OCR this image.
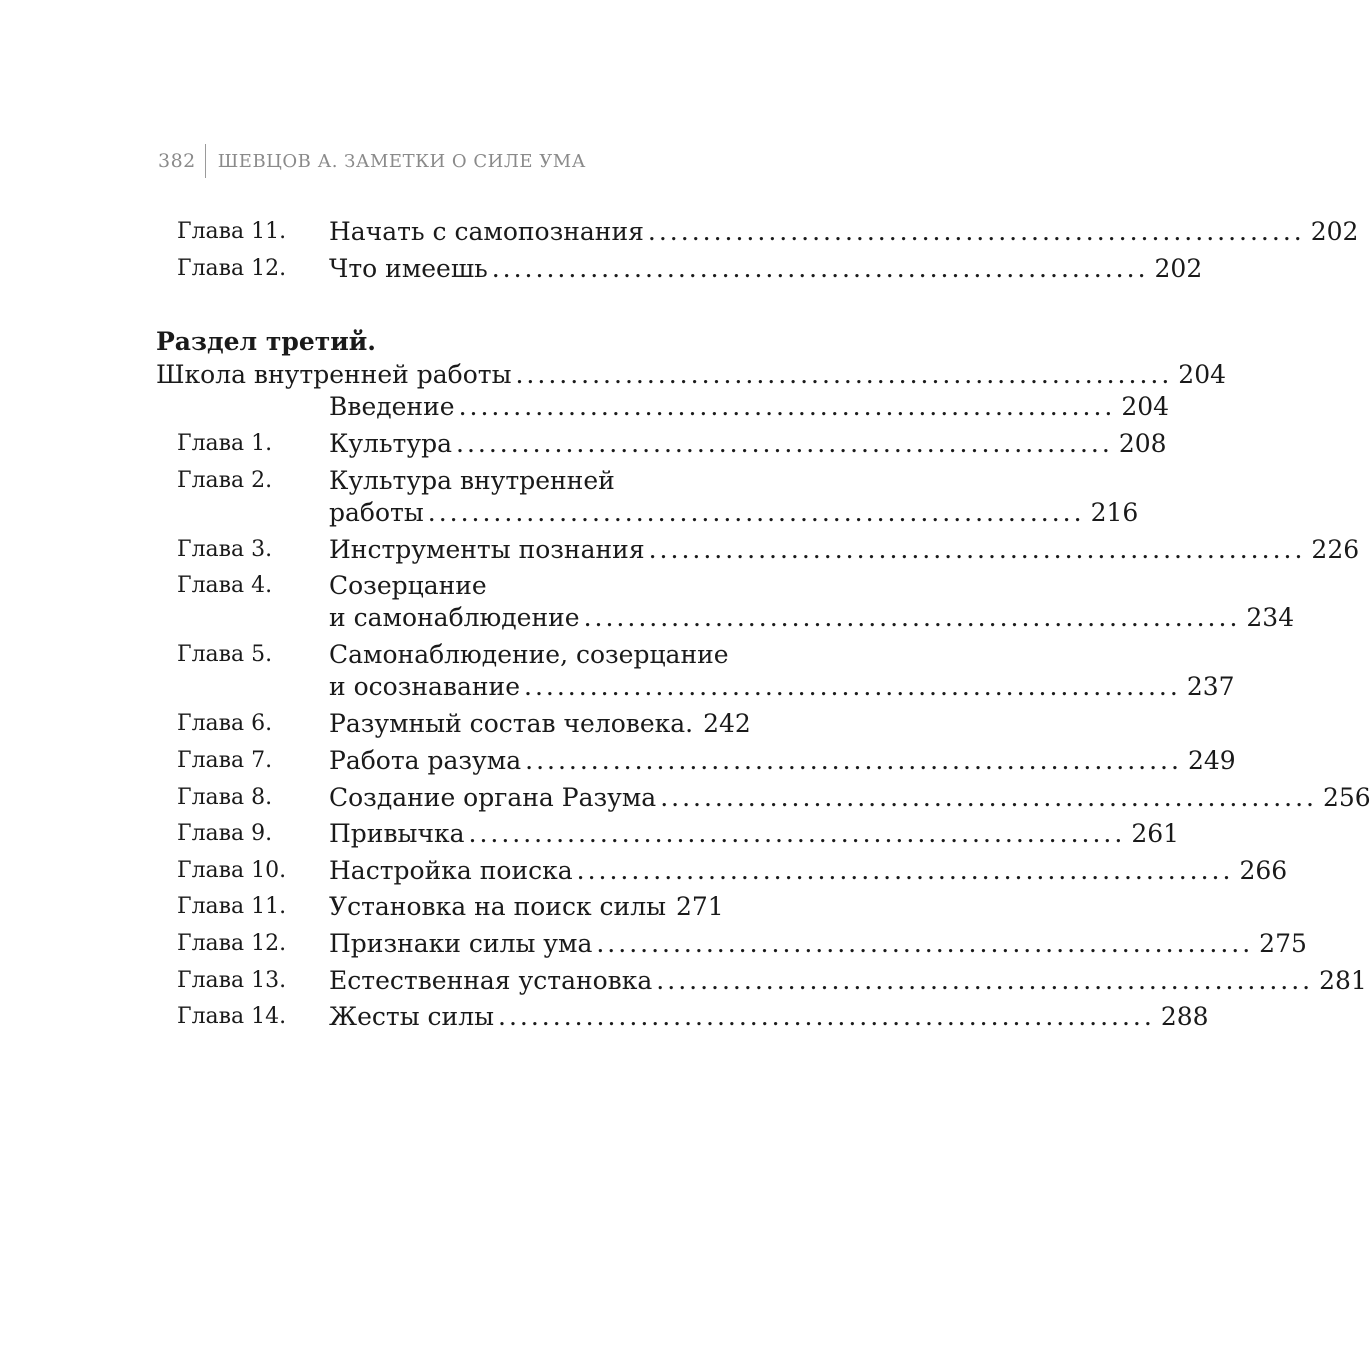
382 ШЕВЦОВ А. ЗАМЕТКИ О СИЛЕ УМА
Глава 11. Начать с самопознания ............................................................ 202
Глава 12. Что имеешь ............................................................ 202
Раздел третий.
Школа внутренней работы ............................................................ 204
Введение ............................................................ 204
Глава 1. Культура ............................................................ 208
Глава 2. Культура внутренней
работы ............................................................ 216
Глава 3. Инструменты познания ............................................................ 226
Глава 4. Созерцание
и самонаблюдение ............................................................ 234
Глава 5. Самонаблюдение, созерцание
и осознавание ............................................................ 237
Глава 6. Разумный состав человека. 242
Глава 7. Работа разума ............................................................ 249
Глава 8. Создание органа Разума ............................................................ 256
Глава 9. Привычка ............................................................ 261
Глава 10. Настройка поиска ............................................................ 266
Глава 11. Установка на поиск силы 271
Глава 12. Признаки силы ума ............................................................ 275
Глава 13. Естественная установка ............................................................ 281
Глава 14. Жесты силы ............................................................ 288
